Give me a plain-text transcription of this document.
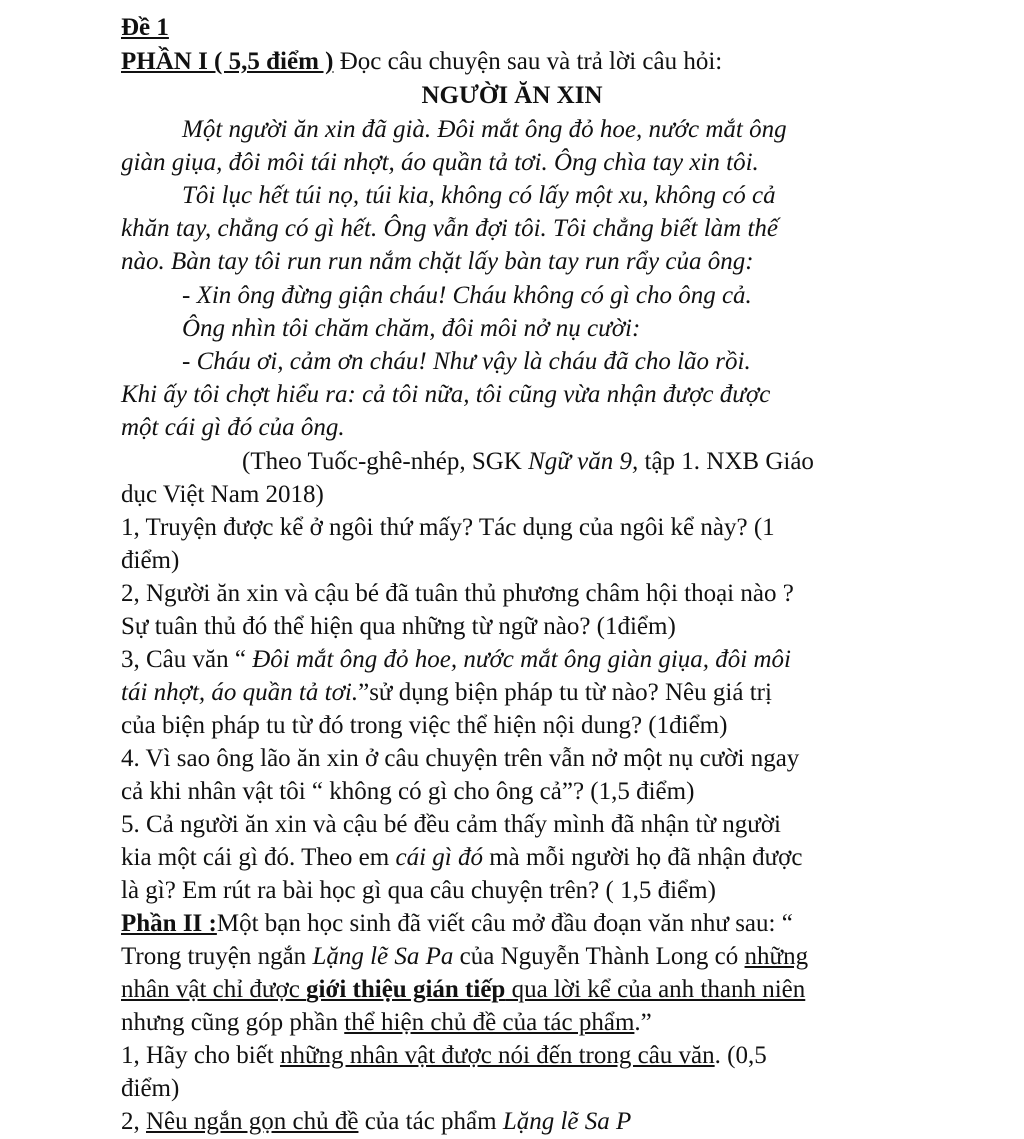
Đề 1
PHẦN I ( 5,5 điểm ) Đọc câu chuyện sau và trả lời câu hỏi:
NGƯỜI ĂN XIN
Một người ăn xin đã già. Đôi mắt ông đỏ hoe, nước mắt ông
giàn giụa, đôi môi tái nhợt, áo quần tả tơi. Ông chìa tay xin tôi.
Tôi lục hết túi nọ, túi kia, không có lấy một xu, không có cả
khăn tay, chẳng có gì hết. Ông vẫn đợi tôi. Tôi chẳng biết làm thế
nào. Bàn tay tôi run run nắm chặt lấy bàn tay run rẩy của ông:
- Xin ông đừng giận cháu! Cháu không có gì cho ông cả.
Ông nhìn tôi chăm chăm, đôi môi nở nụ cười:
- Cháu ơi, cảm ơn cháu! Như vậy là cháu đã cho lão rồi.
Khi ấy tôi chợt hiểu ra: cả tôi nữa, tôi cũng vừa nhận được được
một cái gì đó của ông.
(Theo Tuốc-ghê-nhép, SGK Ngữ văn 9, tập 1. NXB Giáo
dục Việt Nam 2018)
1, Truyện được kể ở ngôi thứ mấy? Tác dụng của ngôi kể này? (1
điểm)
2, Người ăn xin và cậu bé đã tuân thủ phương châm hội thoại nào ?
Sự tuân thủ đó thể hiện qua những từ ngữ nào? (1điểm)
3, Câu văn “ Đôi mắt ông đỏ hoe, nước mắt ông giàn giụa, đôi môi
tái nhợt, áo quần tả tơi.”sử dụng biện pháp tu từ nào? Nêu giá trị
của biện pháp tu từ đó trong việc thể hiện nội dung? (1điểm)
4. Vì sao ông lão ăn xin ở câu chuyện trên vẫn nở một nụ cười ngay
cả khi nhân vật tôi “ không có gì cho ông cả”? (1,5 điểm)
5. Cả người ăn xin và cậu bé đều cảm thấy mình đã nhận từ người
kia một cái gì đó. Theo em cái gì đó mà mỗi người họ đã nhận được
là gì? Em rút ra bài học gì qua câu chuyện trên? ( 1,5 điểm)
Phần II :Một bạn học sinh đã viết câu mở đầu đoạn văn như sau: “
Trong truyện ngắn Lặng lẽ Sa Pa của Nguyễn Thành Long có những
nhân vật chỉ được giới thiệu gián tiếp qua lời kể của anh thanh niên
nhưng cũng góp phần thể hiện chủ đề của tác phẩm.”
1, Hãy cho biết những nhân vật được nói đến trong câu văn. (0,5
điểm)
2, Nêu ngắn gọn chủ đề của tác phẩm Lặng lẽ Sa P
